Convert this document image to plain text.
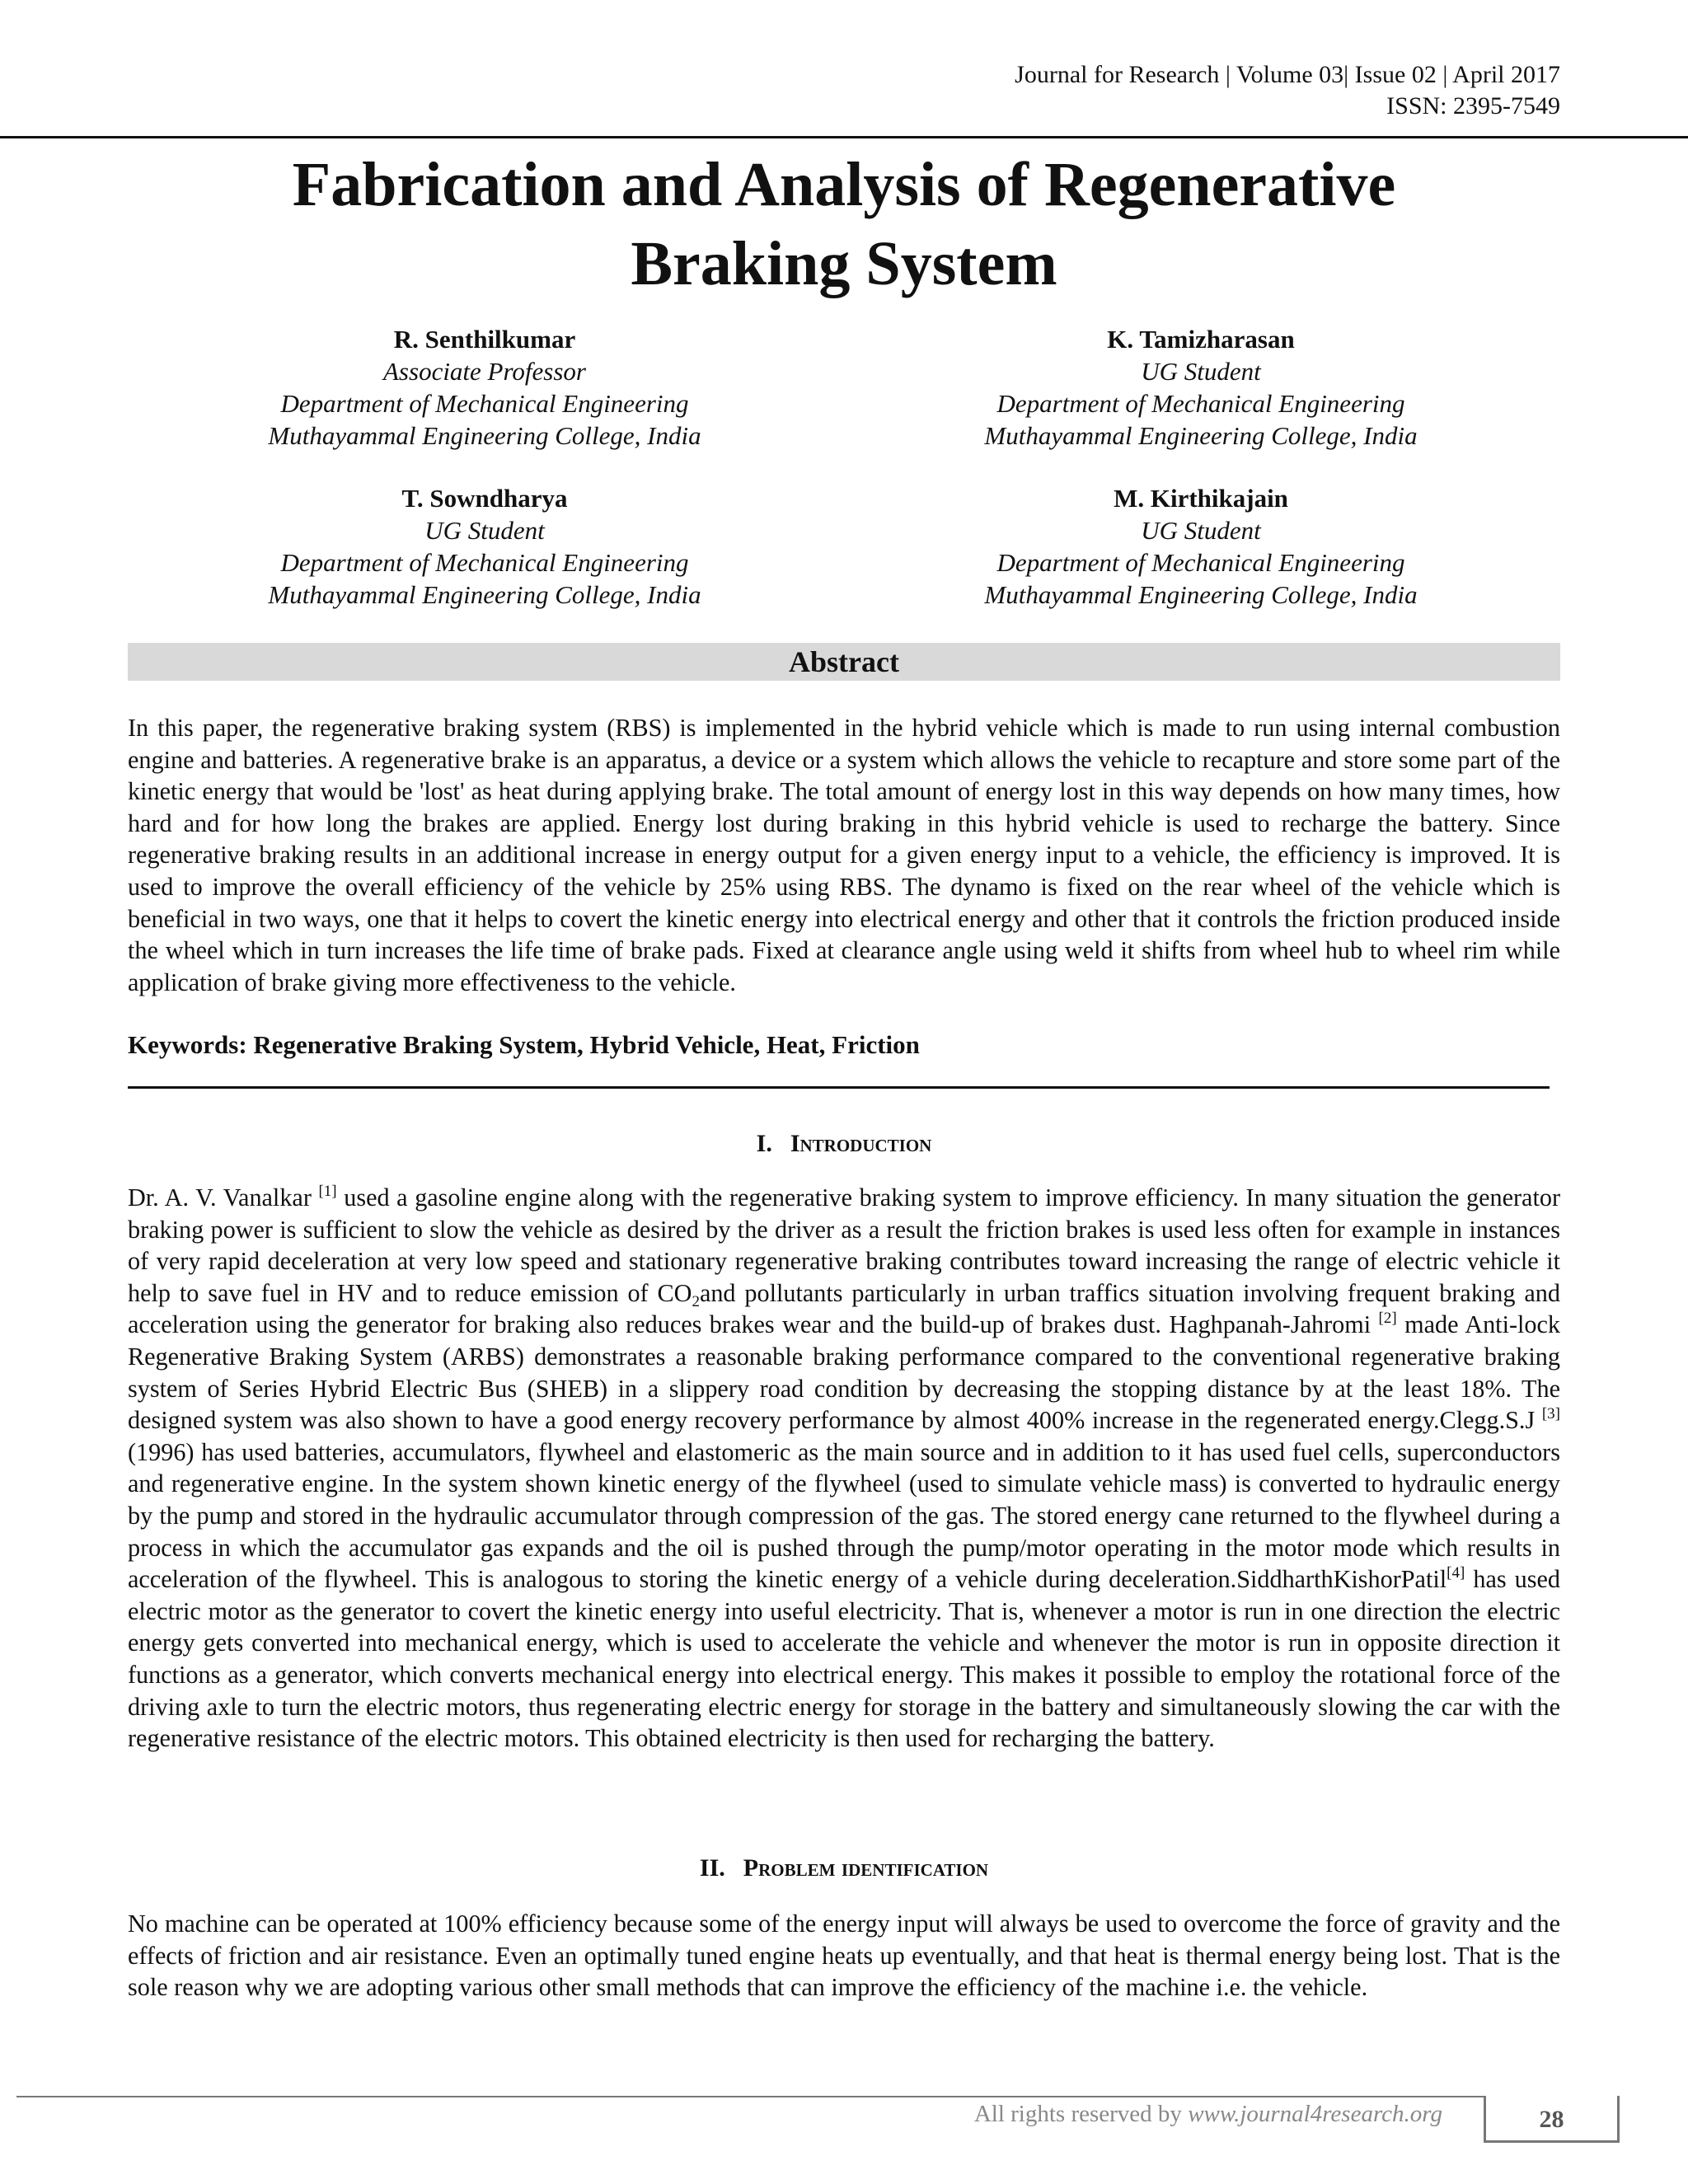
Journal for Research | Volume 03| Issue 02 | April 2017
ISSN: 2395-7549
Fabrication and Analysis of Regenerative
Braking System
R. Senthilkumar
Associate Professor
Department of Mechanical Engineering
Muthayammal Engineering College, India
K. Tamizharasan
UG Student
Department of Mechanical Engineering
Muthayammal Engineering College, India
T. Sowndharya
UG Student
Department of Mechanical Engineering
Muthayammal Engineering College, India
M. Kirthikajain
UG Student
Department of Mechanical Engineering
Muthayammal Engineering College, India
Abstract

In this paper, the regenerative braking system (RBS) is implemented in the hybrid vehicle which is made to run using internal combustion engine and batteries. A regenerative brake is an apparatus, a device or a system which allows the vehicle to recapture and store some part of the kinetic energy that would be 'lost' as heat during applying brake. The total amount of energy lost in this way depends on how many times, how hard and for how long the brakes are applied. Energy lost during braking in this hybrid vehicle is used to recharge the battery. Since regenerative braking results in an additional increase in energy output for a given energy input to a vehicle, the efficiency is improved. It is used to improve the overall efficiency of the vehicle by 25% using RBS. The dynamo is fixed on the rear wheel of the vehicle which is beneficial in two ways, one that it helps to covert the kinetic energy into electrical energy and other that it controls the friction produced inside the wheel which in turn increases the life time of brake pads. Fixed at clearance angle using weld it shifts from wheel hub to wheel rim while application of brake giving more effectiveness to the vehicle.

Keywords: Regenerative Braking System, Hybrid Vehicle, Heat, Friction
I. Introduction

Dr. A. V. Vanalkar [1] used a gasoline engine along with the regenerative braking system to improve efficiency. In many situation the generator braking power is sufficient to slow the vehicle as desired by the driver as a result the friction brakes is used less often for example in instances of very rapid deceleration at very low speed and stationary regenerative braking contributes toward increasing the range of electric vehicle it help to save fuel in HV and to reduce emission of $CO_2and$ pollutants particularly in urban traffics situation involving frequent braking and acceleration using the generator for braking also reduces brakes wear and the build-up of brakes dust. Haghpanah-Jahromi [2] made Anti-lock Regenerative Braking System (ARBS) demonstrates a reasonable braking performance compared to the conventional regenerative braking system of Series Hybrid Electric Bus (SHEB) in a slippery road condition by decreasing the stopping distance by at the least 18%. The designed system was also shown to have a good energy recovery performance by almost 400% increase in the regenerated energy.Clegg.S.J [3] (1996) has used batteries, accumulators, flywheel and elastomeric as the main source and in addition to it has used fuel cells, superconductors and regenerative engine. In the system shown kinetic energy of the flywheel (used to simulate vehicle mass) is converted to hydraulic energy by the pump and stored in the hydraulic accumulator through compression of the gas. The stored energy cane returned to the flywheel during a process in which the accumulator gas expands and the oil is pushed through the pump/motor operating in the motor mode which results in acceleration of the flywheel. This is analogous to storing the kinetic energy of a vehicle during deceleration.SiddharthKishorPatil[4] has used electric motor as the generator to covert the kinetic energy into useful electricity. That is, whenever a motor is run in one direction the electric energy gets converted into mechanical energy, which is used to accelerate the vehicle and whenever the motor is run in opposite direction it functions as a generator, which converts mechanical energy into electrical energy. This makes it possible to employ the rotational force of the driving axle to turn the electric motors, thus regenerating electric energy for storage in the battery and simultaneously slowing the car with the regenerative resistance of the electric motors. This obtained electricity is then used for recharging the battery.

II. Problem identification

No machine can be operated at 100% efficiency because some of the energy input will always be used to overcome the force of gravity and the effects of friction and air resistance. Even an optimally tuned engine heats up eventually, and that heat is thermal energy being lost. That is the sole reason why we are adopting various other small methods that can improve the efficiency of the machine i.e. the vehicle.

All rights reserved by www.journal4research.org	28
